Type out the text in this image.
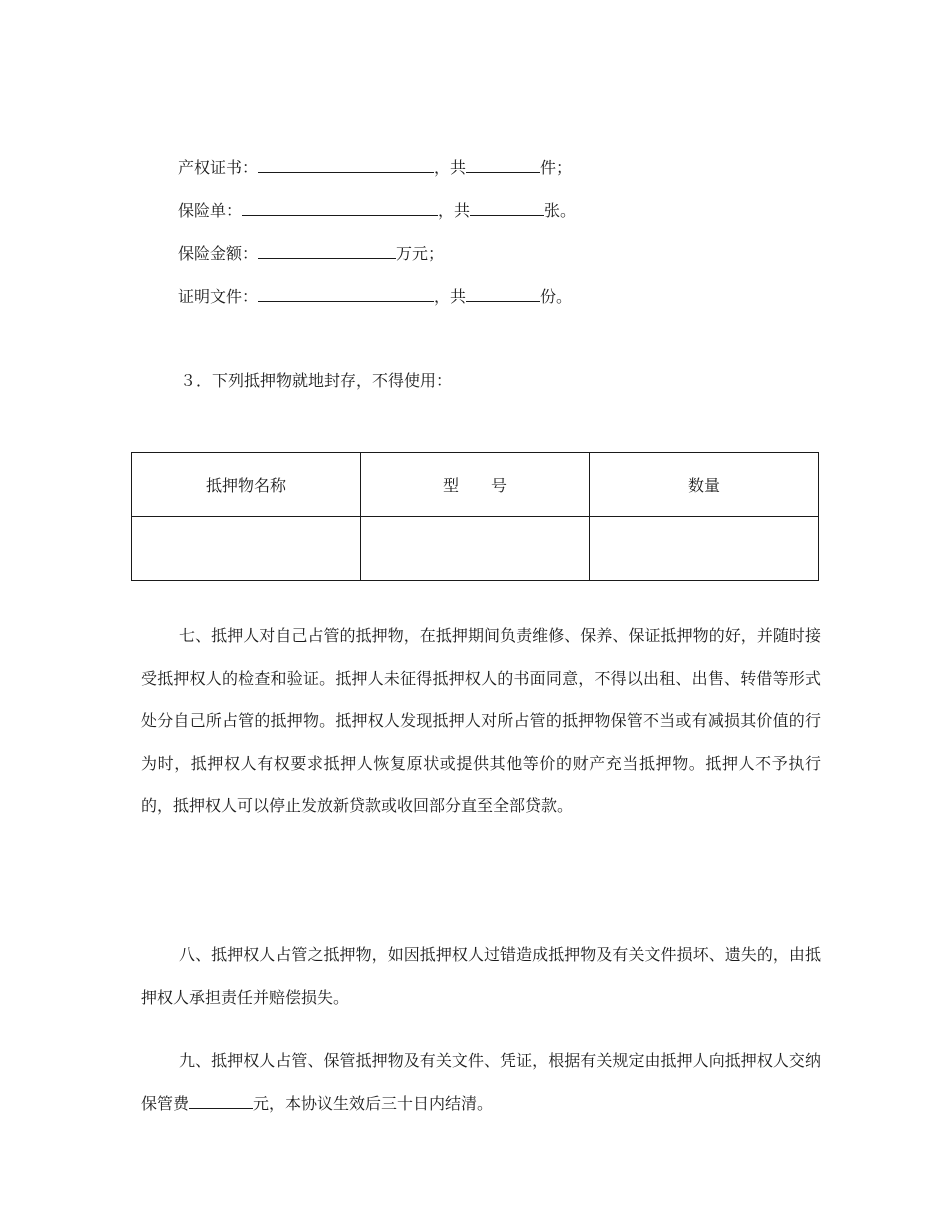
产权证书：	，共	件；
保险单：	，共	张。
保险金额：	万元；
证明文件：	，共	份。
３．下列抵押物就地封存，不得使用：
抵押物名称	型　　号	数量

七、抵押人对自己占管的抵押物，在抵押期间负责维修、保养、保证抵押物的好，并随时接受抵押权人的检查和验证。抵押人未征得抵押权人的书面同意，不得以出租、出售、转借等形式处分自己所占管的抵押物。抵押权人发现抵押人对所占管的抵押物保管不当或有减损其价值的行为时，抵押权人有权要求抵押人恢复原状或提供其他等价的财产充当抵押物。抵押人不予执行的，抵押权人可以停止发放新贷款或收回部分直至全部贷款。
八、抵押权人占管之抵押物，如因抵押权人过错造成抵押物及有关文件损坏、遗失的，由抵押权人承担责任并赔偿损失。
九、抵押权人占管、保管抵押物及有关文件、凭证，根据有关规定由抵押人向抵押权人交纳保管费	元，本协议生效后三十日内结清。
